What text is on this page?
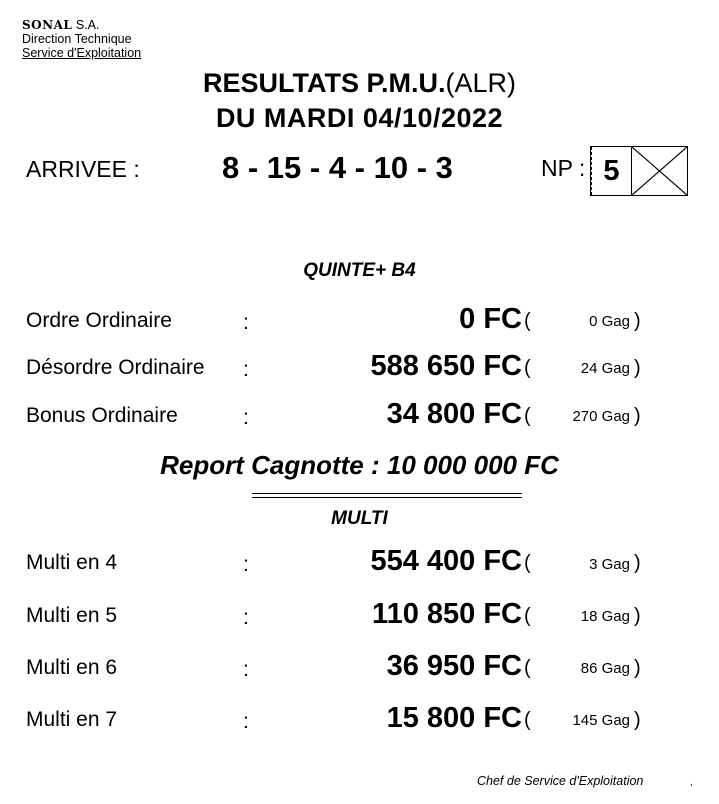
SONAL S.A.
Direction Technique
Service d'Exploitation
RESULTATS P.M.U.(ALR)
DU MARDI 04/10/2022
ARRIVEE :	8 - 15 - 4 - 10 - 3	NP : 5
QUINTE+ B4
Ordre Ordinaire	:	0 FC (	0 Gag )
Désordre Ordinaire :	588 650 FC (	24 Gag )
Bonus Ordinaire	:	34 800 FC (	270 Gag )
Report Cagnotte : 10 000 000 FC
MULTI
Multi en 4	:	554 400 FC (	3 Gag )
Multi en 5	:	110 850 FC (	18 Gag )
Multi en 6	:	36 950 FC (	86 Gag )
Multi en 7	:	15 800 FC (	145 Gag )
Chef de Service d'Exploitation	,
